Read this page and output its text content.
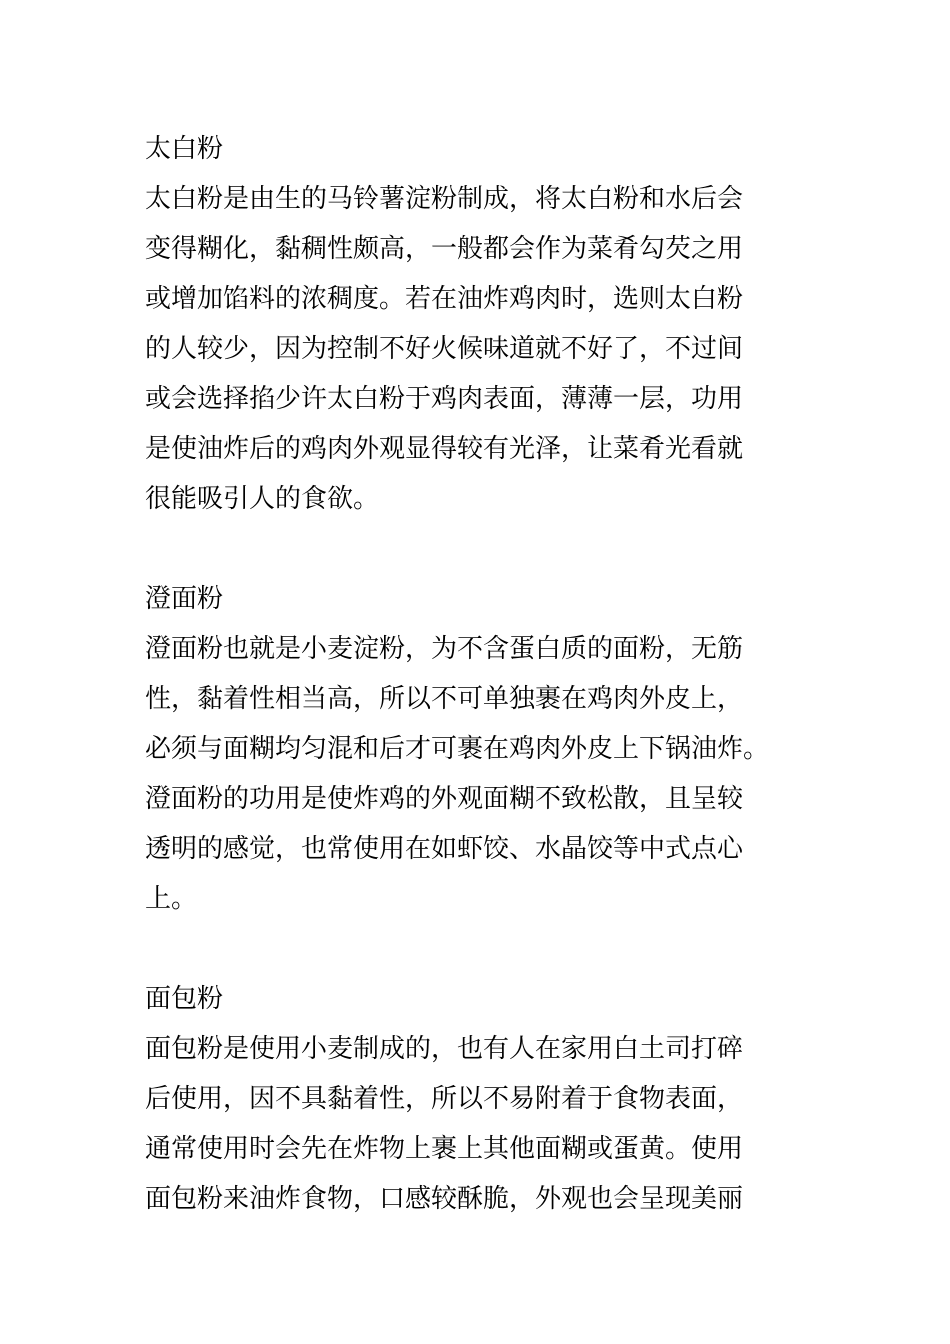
太白粉
太白粉是由生的马铃薯淀粉制成，将太白粉和水后会
变得糊化，黏稠性颇高，一般都会作为菜肴勾芡之用
或增加馅料的浓稠度。若在油炸鸡肉时，选则太白粉
的人较少，因为控制不好火候味道就不好了，不过间
或会选择掐少许太白粉于鸡肉表面，薄薄一层，功用
是使油炸后的鸡肉外观显得较有光泽，让菜肴光看就
很能吸引人的食欲。
澄面粉
澄面粉也就是小麦淀粉，为不含蛋白质的面粉，无筋
性，黏着性相当高，所以不可单独裹在鸡肉外皮上，
必须与面糊均匀混和后才可裹在鸡肉外皮上下锅油炸。
澄面粉的功用是使炸鸡的外观面糊不致松散，且呈较
透明的感觉，也常使用在如虾饺、水晶饺等中式点心
上。
面包粉
面包粉是使用小麦制成的，也有人在家用白土司打碎
后使用，因不具黏着性，所以不易附着于食物表面，
通常使用时会先在炸物上裹上其他面糊或蛋黄。使用
面包粉来油炸食物，口感较酥脆，外观也会呈现美丽
